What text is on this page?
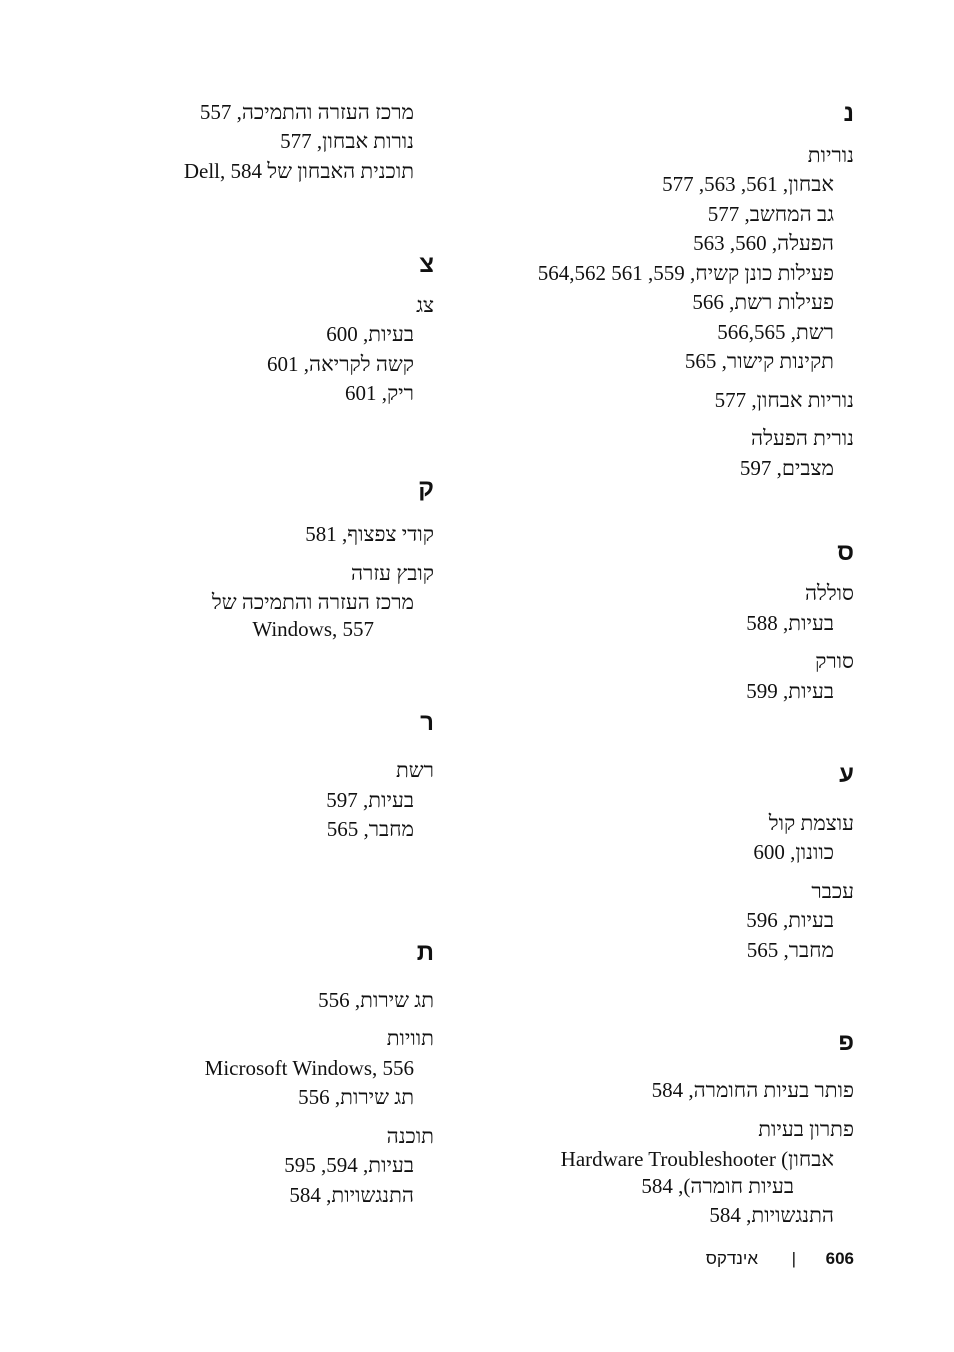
נ
נוריות
אבחון, 561, 563, 577
גב המחשב, 577
הפעלה, 560, 563
פעילות כונן קשיח, 559, 561 564,562
פעילות רשת, 566
רשת, 566,565
תקינות קישור, 565
נוריות אבחון, 577
נורית הפעלה
מצבים, 597
ס
סוללה
בעיות, 588
סורק
בעיות, 599
ע
עוצמת קול
כוונון, 600
עכבר
בעיות, 596
מחבר, 565
פ
פותר בעיות החומרה, 584
פתרון בעיות
Hardware Troubleshooter (אבחון
בעיות חומרה), 584
התנגשויות, 584
מרכז העזרה והתמיכה, 557
נורות אבחון, 577
תוכנית האבחון של Dell, 584
צ
צג
בעיות, 600
קשה לקריאה, 601
ריק, 601
ק
קודי צפצוף, 581
קובץ עזרה
מרכז העזרה והתמיכה של
Windows, 557
ר
רשת
בעיות, 597
מחבר, 565
ת
תג שירות, 556
תוויות
Microsoft Windows, 556
תג שירות, 556
תוכנה
בעיות, 594, 595
התנגשויות, 584
606
|
אינדקס
